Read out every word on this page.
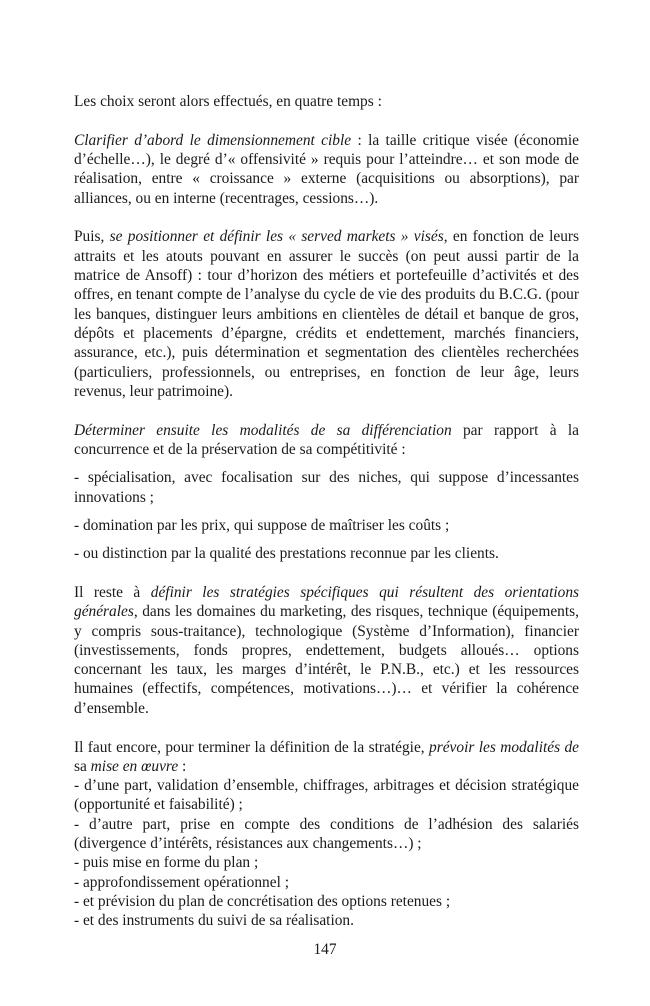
Les choix seront alors effectués, en quatre temps :

Clarifier d’abord le dimensionnement cible : la taille critique visée (économie d’échelle…), le degré d’« offensivité » requis pour l’atteindre… et son mode de réalisation, entre « croissance » externe (acquisitions ou absorptions), par alliances, ou en interne (recentrages, cessions…).

Puis, se positionner et définir les « served markets » visés, en fonction de leurs attraits et les atouts pouvant en assurer le succès (on peut aussi partir de la matrice de Ansoff) : tour d’horizon des métiers et portefeuille d’activités et des offres, en tenant compte de l’analyse du cycle de vie des produits du B.C.G. (pour les banques, distinguer leurs ambitions en clientèles de détail et banque de gros, dépôts et placements d’épargne, crédits et endettement, marchés financiers, assurance, etc.), puis détermination et segmentation des clientèles recherchées (particuliers, professionnels, ou entreprises, en fonction de leur âge, leurs revenus, leur patrimoine).

Déterminer ensuite les modalités de sa différenciation par rapport à la concurrence et de la préservation de sa compétitivité :

- spécialisation, avec focalisation sur des niches, qui suppose d’incessantes innovations ;

- domination par les prix, qui suppose de maîtriser les coûts ;

- ou distinction par la qualité des prestations reconnue par les clients.

Il reste à définir les stratégies spécifiques qui résultent des orientations générales, dans les domaines du marketing, des risques, technique (équipements, y compris sous-traitance), technologique (Système d’Information), financier (investissements, fonds propres, endettement, budgets alloués… options concernant les taux, les marges d’intérêt, le P.N.B., etc.) et les ressources humaines (effectifs, compétences, motivations…)… et vérifier la cohérence d’ensemble.

Il faut encore, pour terminer la définition de la stratégie, prévoir les modalités de sa mise en œuvre :

- d’une part, validation d’ensemble, chiffrages, arbitrages et décision stratégique (opportunité et faisabilité) ;

- d’autre part, prise en compte des conditions de l’adhésion des salariés (divergence d’intérêts, résistances aux changements…) ;

- puis mise en forme du plan ;

- approfondissement opérationnel ;

- et prévision du plan de concrétisation des options retenues ;

- et des instruments du suivi de sa réalisation.

147
